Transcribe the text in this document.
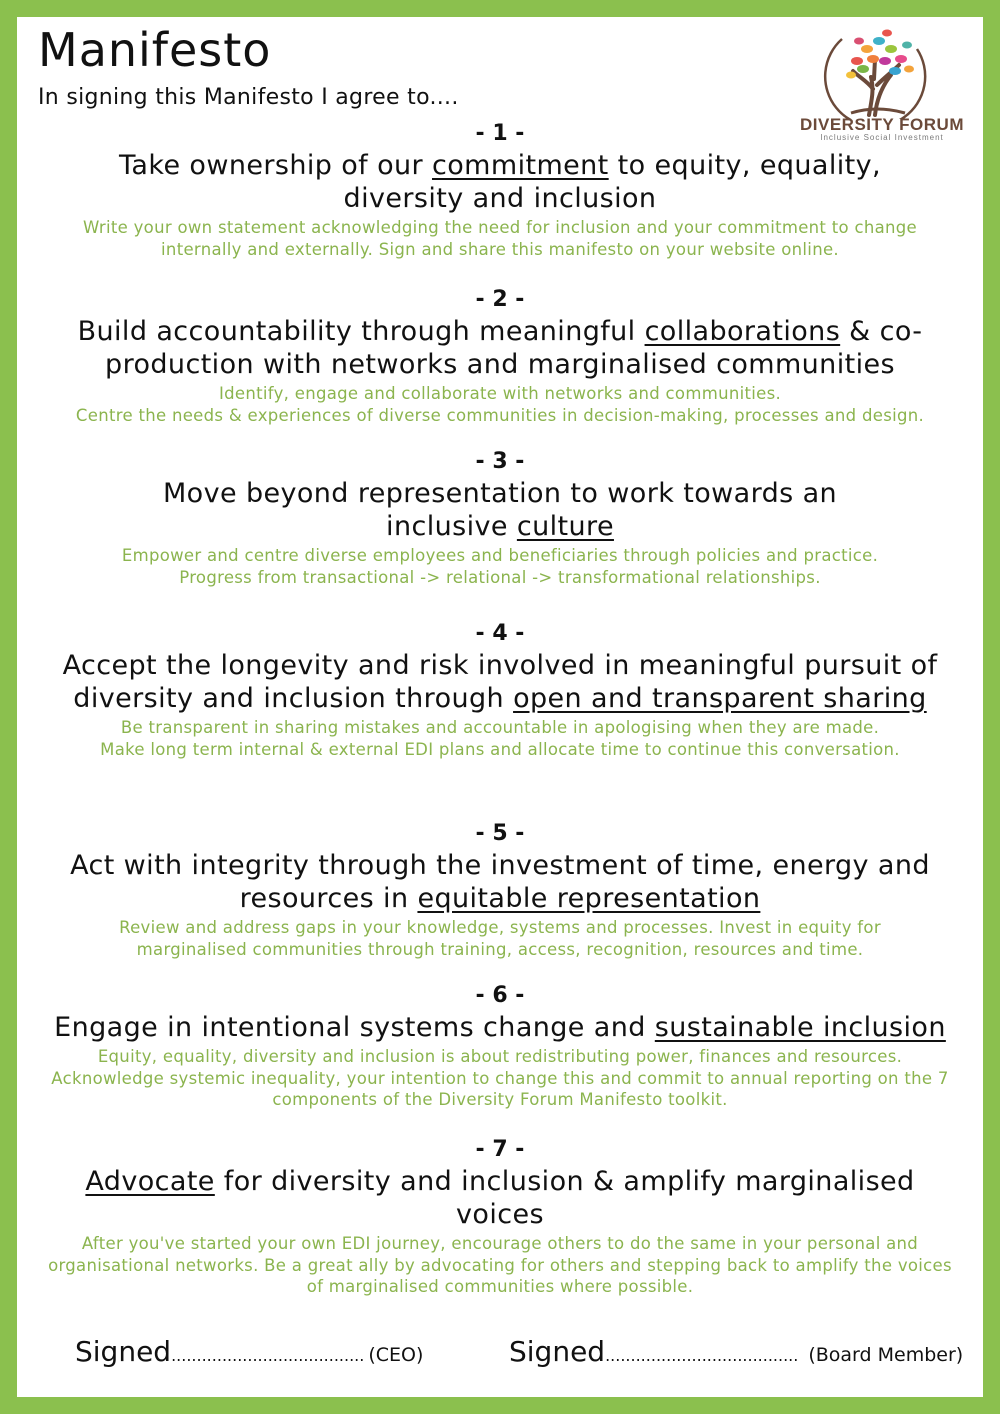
Manifesto
In signing this Manifesto I agree to....
DIVERSITY FORUM
Inclusive Social Investment
- 1 -
Take ownership of our commitment to equity, equality, diversity and inclusion
Write your own statement acknowledging the need for inclusion and your commitment to change internally and externally. Sign and share this manifesto on your website online.
- 2 -
Build accountability through meaningful collaborations & co-production with networks and marginalised communities
Identify, engage and collaborate with networks and communities.
Centre the needs & experiences of diverse communities in decision-making, processes and design.
- 3 -
Move beyond representation to work towards an inclusive culture
Empower and centre diverse employees and beneficiaries through policies and practice.
Progress from transactional -> relational -> transformational relationships.
- 4 -
Accept the longevity and risk involved in meaningful pursuit of diversity and inclusion through open and transparent sharing
Be transparent in sharing mistakes and accountable in apologising when they are made.
Make long term internal & external EDI plans and allocate time to continue this conversation.
- 5 -
Act with integrity through the investment of time, energy and resources in equitable representation
Review and address gaps in your knowledge, systems and processes. Invest in equity for marginalised communities through training, access, recognition, resources and time.
- 6 -
Engage in intentional systems change and sustainable inclusion
Equity, equality, diversity and inclusion is about redistributing power, finances and resources.
Acknowledge systemic inequality, your intention to change this and commit to annual reporting on the 7 components of the Diversity Forum Manifesto toolkit.
- 7 -
Advocate for diversity and inclusion & amplify marginalised voices
After you've started your own EDI journey, encourage others to do the same in your personal and organisational networks. Be a great ally by advocating for others and stepping back to amplify the voices of marginalised communities where possible.
Signed...................................... (CEO)	Signed...................................... (Board Member)
